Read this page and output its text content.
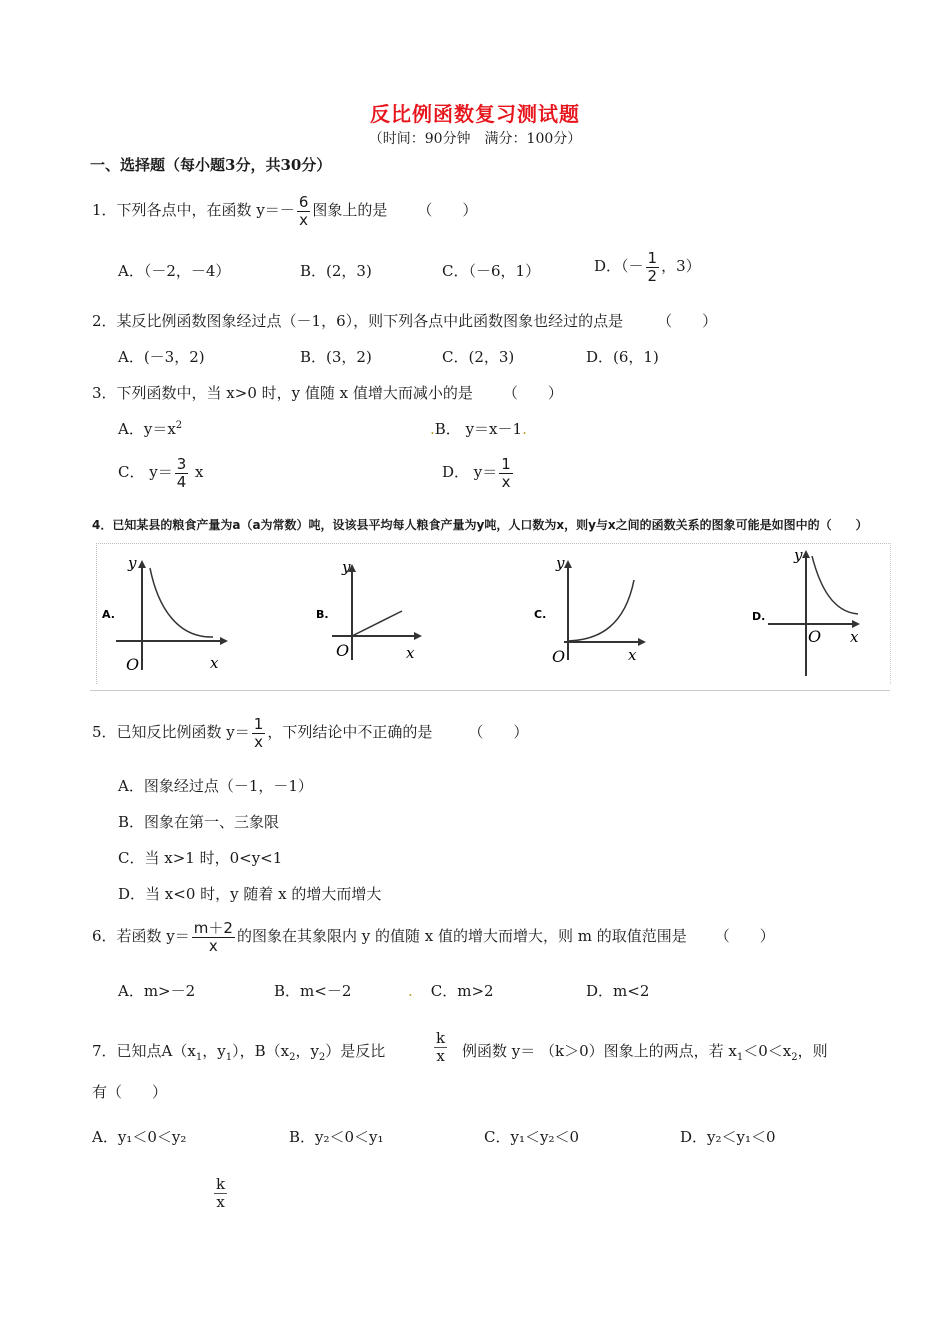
反比例函数复习测试题
（时间：90分钟　满分：100分）
一、选择题（每小题3分，共30分）
1．下列各点中，在函数 $y=- \frac{6}{x}$ 图象上的是 （　　）
A．（－2，－4）	B．(2，3)	C．（－6，1）	D．（－ $\frac{1}{2}$ ，3）
2．某反比例函数图象经过点（－1，6），则下列各点中此函数图象也经过的点是 （　　）
A．(－3，2)	B．(3，2)	C．(2，3)	D．(6，1)
3．下列函数中，当 x>0 时，y 值随 x 值增大而减小的是 （　　）
A．$y=x^2$	.B． y＝x－1.
C． $y= \frac{3}{4}$ x	D． $y= \frac{1}{x}$
4．已知某县的粮食产量为a（a为常数）吨，设该县平均每人粮食产量为y吨，人口数为x，则y与x之间的函数关系的图象可能是如图中的（　　）
A.
y
x
O
B.
y
x
O
C.
y
x
O
D.
y
x
O
5．已知反比例函数 $y= \frac{1}{x}$ ，下列结论中不正确的是 （　　）
A．图象经过点（－1，－1）
B．图象在第一、三象限
C．当 x>1 时，0<y<1
D．当 x<0 时，y 随着 x 的增大而增大
6．若函数 $y= \frac{m+2}{x}$ 的图象在其象限内 y 的值随 x 值的增大而增大，则 m 的取值范围是 （　　）
A．m>－2	B．m<－2	. C．m>2	D．m<2
7．已知点$A(x_1$，$y_1$），$B(x_2$，$y_2$）是反比	$\frac{k}{x}$ 例函数 y＝ （k＞0）图象上的两点，若 $x_1<0<x_2$，则
有（　　）
A．y₁＜0＜y₂	B．y₂＜0＜y₁	C．y₁＜y₂＜0	D．y₂＜y₁＜0
$\frac{k}{x}$
